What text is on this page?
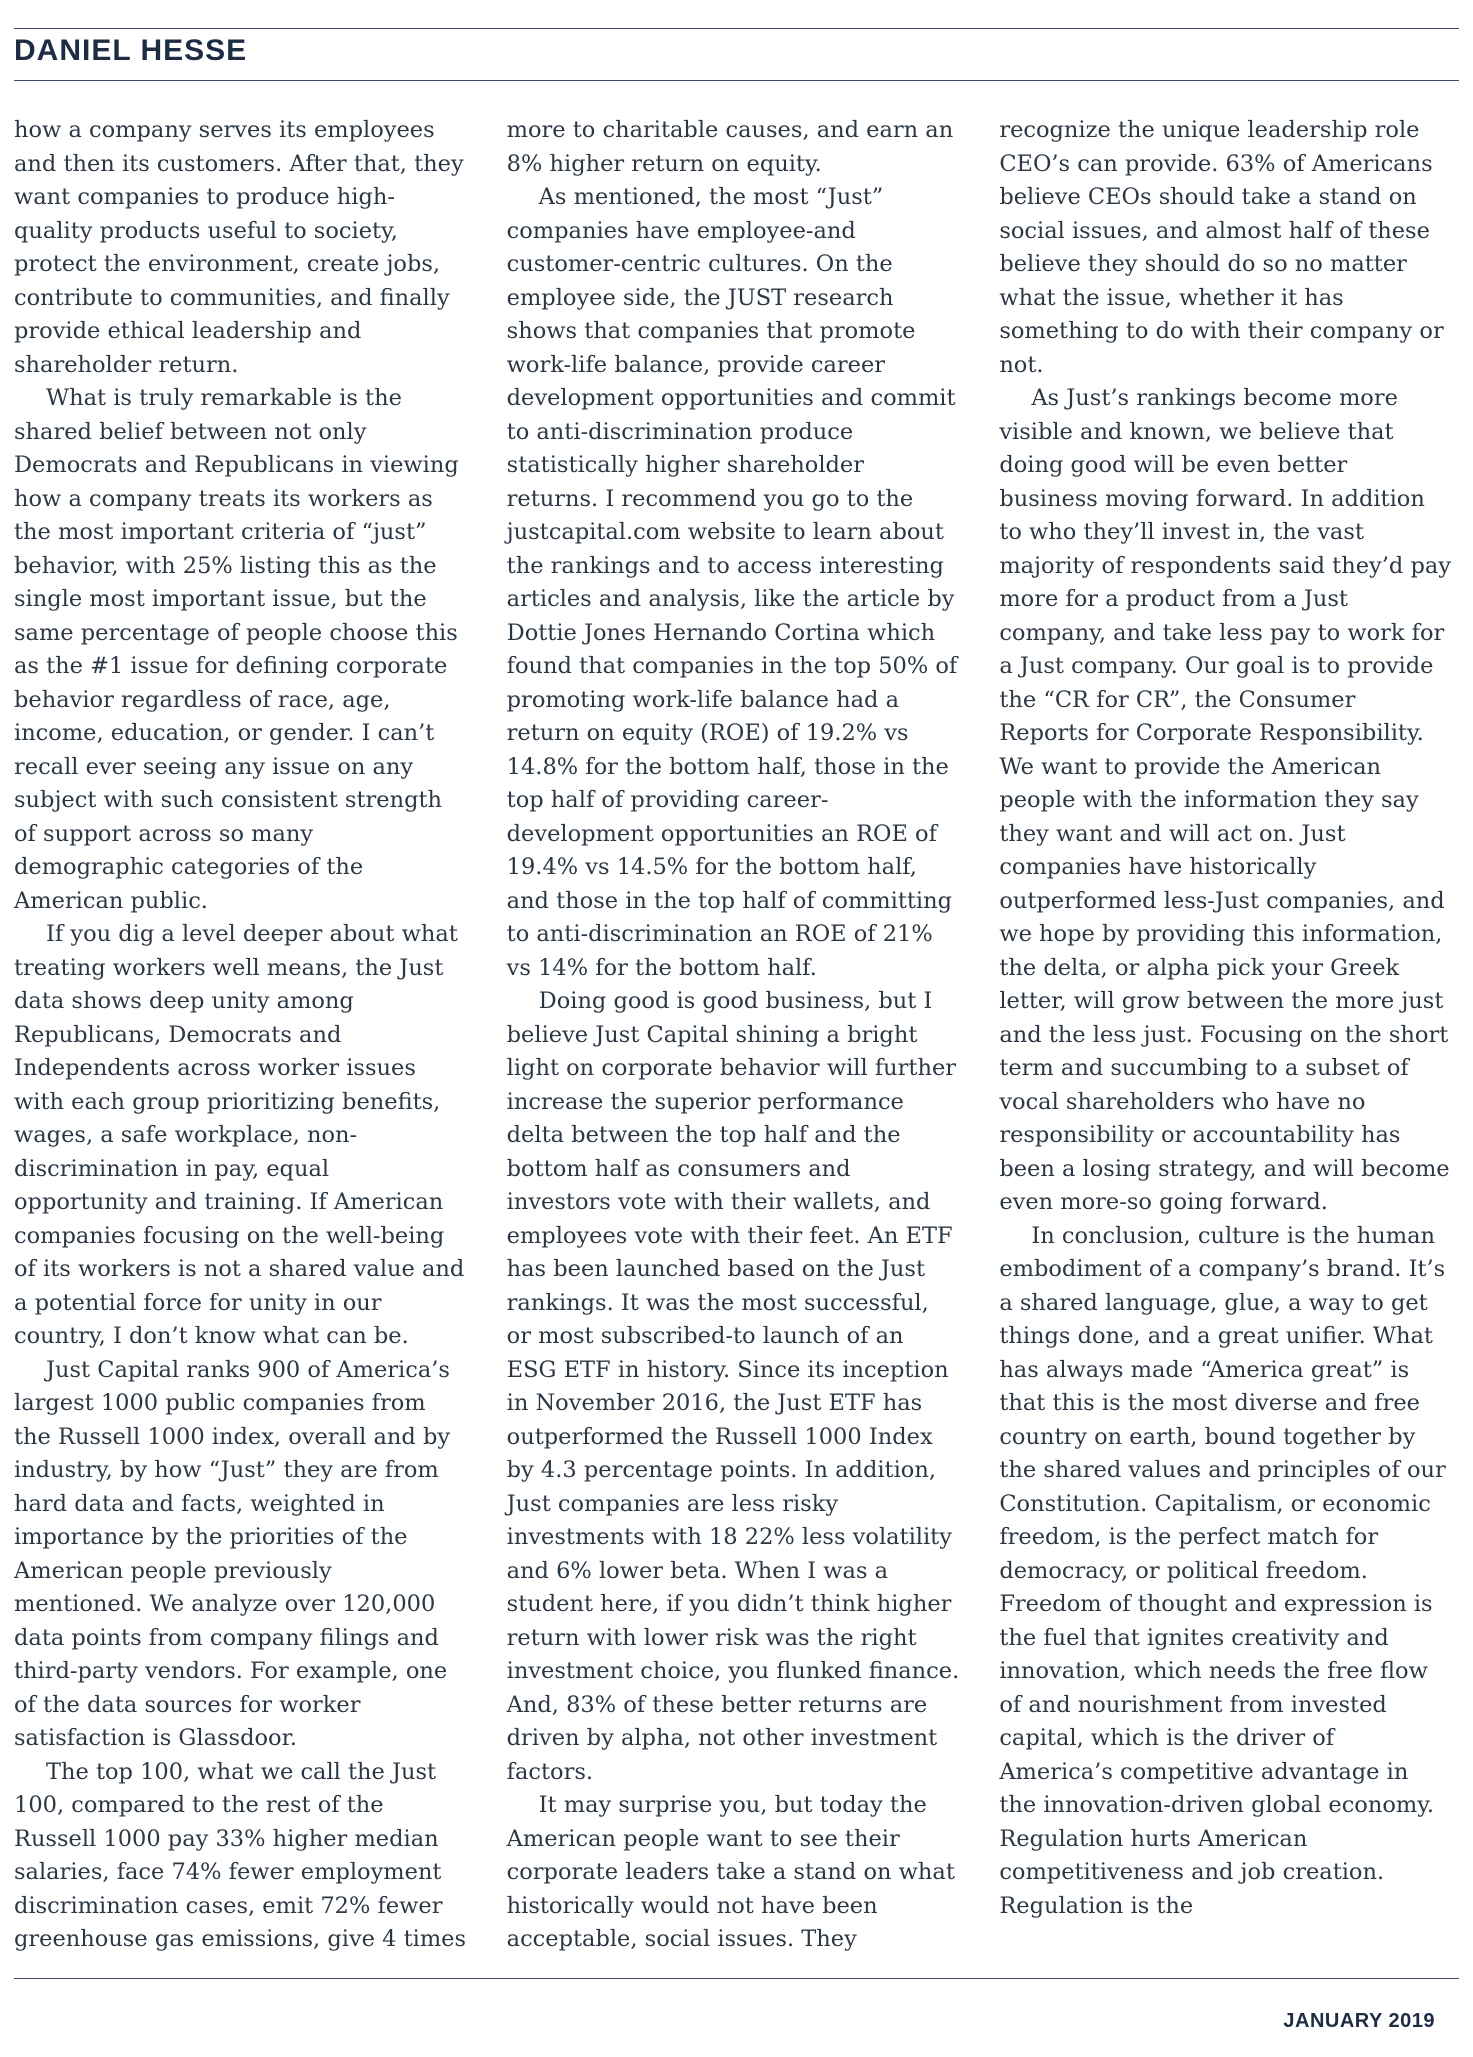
DANIEL HESSE

how a company serves its employees and then its customers. After that, they want companies to produce high-quality products useful to society, protect the environment, create jobs, contribute to communities, and finally provide ethical leadership and shareholder return.

What is truly remarkable is the shared belief between not only Democrats and Republicans in viewing how a company treats its workers as the most important criteria of “just” behavior, with 25% listing this as the single most important issue, but the same percentage of people choose this as the #1 issue for defining corporate behavior regardless of race, age, income, education, or gender. I can’t recall ever seeing any issue on any subject with such consistent strength of support across so many demographic categories of the American public.

If you dig a level deeper about what treating workers well means, the Just data shows deep unity among Republicans, Democrats and Independents across worker issues with each group prioritizing benefits, wages, a safe workplace, non-discrimination in pay, equal opportunity and training. If American companies focusing on the well-being of its workers is not a shared value and a potential force for unity in our country, I don’t know what can be.

Just Capital ranks 900 of America’s largest 1000 public companies from the Russell 1000 index, overall and by industry, by how “Just” they are from hard data and facts, weighted in importance by the priorities of the American people previously mentioned. We analyze over 120,000 data points from company filings and third-party vendors. For example, one of the data sources for worker satisfaction is Glassdoor.

The top 100, what we call the Just 100, compared to the rest of the Russell 1000 pay 33% higher median salaries, face 74% fewer employment discrimination cases, emit 72% fewer greenhouse gas emissions, give 4 times more to charitable causes, and earn an 8% higher return on equity.

As mentioned, the most “Just” companies have employee-and customer-centric cultures. On the employee side, the JUST research shows that companies that promote work-life balance, provide career development opportunities and commit to anti-discrimination produce statistically higher shareholder returns. I recommend you go to the justcapital.com website to learn about the rankings and to access interesting articles and analysis, like the article by Dottie Jones Hernando Cortina which found that companies in the top 50% of promoting work-life balance had a return on equity (ROE) of 19.2% vs 14.8% for the bottom half, those in the top half of providing career-development opportunities an ROE of 19.4% vs 14.5% for the bottom half, and those in the top half of committing to anti-discrimination an ROE of 21% vs 14% for the bottom half.

Doing good is good business, but I believe Just Capital shining a bright light on corporate behavior will further increase the superior performance delta between the top half and the bottom half as consumers and investors vote with their wallets, and employees vote with their feet. An ETF has been launched based on the Just rankings. It was the most successful, or most subscribed-to launch of an ESG ETF in history. Since its inception in November 2016, the Just ETF has outperformed the Russell 1000 Index by 4.3 percentage points. In addition, Just companies are less risky investments with 18 22% less volatility and 6% lower beta. When I was a student here, if you didn’t think higher return with lower risk was the right investment choice, you flunked finance. And, 83% of these better returns are driven by alpha, not other investment factors.

It may surprise you, but today the American people want to see their corporate leaders take a stand on what historically would not have been acceptable, social issues. They recognize the unique leadership role CEO’s can provide. 63% of Americans believe CEOs should take a stand on social issues, and almost half of these believe they should do so no matter what the issue, whether it has something to do with their company or not.

As Just’s rankings become more visible and known, we believe that doing good will be even better business moving forward. In addition to who they’ll invest in, the vast majority of respondents said they’d pay more for a product from a Just company, and take less pay to work for a Just company. Our goal is to provide the “CR for CR”, the Consumer Reports for Corporate Responsibility. We want to provide the American people with the information they say they want and will act on. Just companies have historically outperformed less-Just companies, and we hope by providing this information, the delta, or alpha pick your Greek letter, will grow between the more just and the less just. Focusing on the short term and succumbing to a subset of vocal shareholders who have no responsibility or accountability has been a losing strategy, and will become even more-so going forward.

In conclusion, culture is the human embodiment of a company’s brand. It’s a shared language, glue, a way to get things done, and a great unifier. What has always made “America great” is that this is the most diverse and free country on earth, bound together by the shared values and principles of our Constitution. Capitalism, or economic freedom, is the perfect match for democracy, or political freedom. Freedom of thought and expression is the fuel that ignites creativity and innovation, which needs the free flow of and nourishment from invested capital, which is the driver of America’s competitive advantage in the innovation-driven global economy. Regulation hurts American competitiveness and job creation. Regulation is the

JANUARY 2019
